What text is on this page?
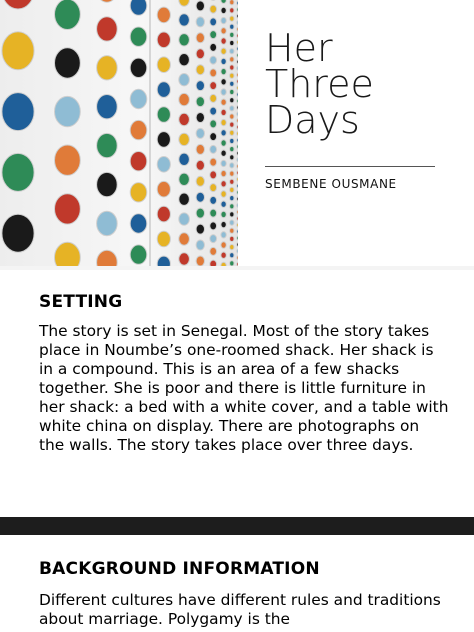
Her
Three
Days
SEMBENE OUSMANE
SETTING

The story is set in Senegal. Most of the story takes place in Noumbe’s one-roomed shack. Her shack is in a compound. This is an area of a few shacks together. She is poor and there is little furniture in her shack: a bed with a white cover, and a table with white china on display. There are photographs on the walls. The story takes place over three days.

BACKGROUND INFORMATION

Different cultures have different rules and traditions about marriage. Polygamy is the
